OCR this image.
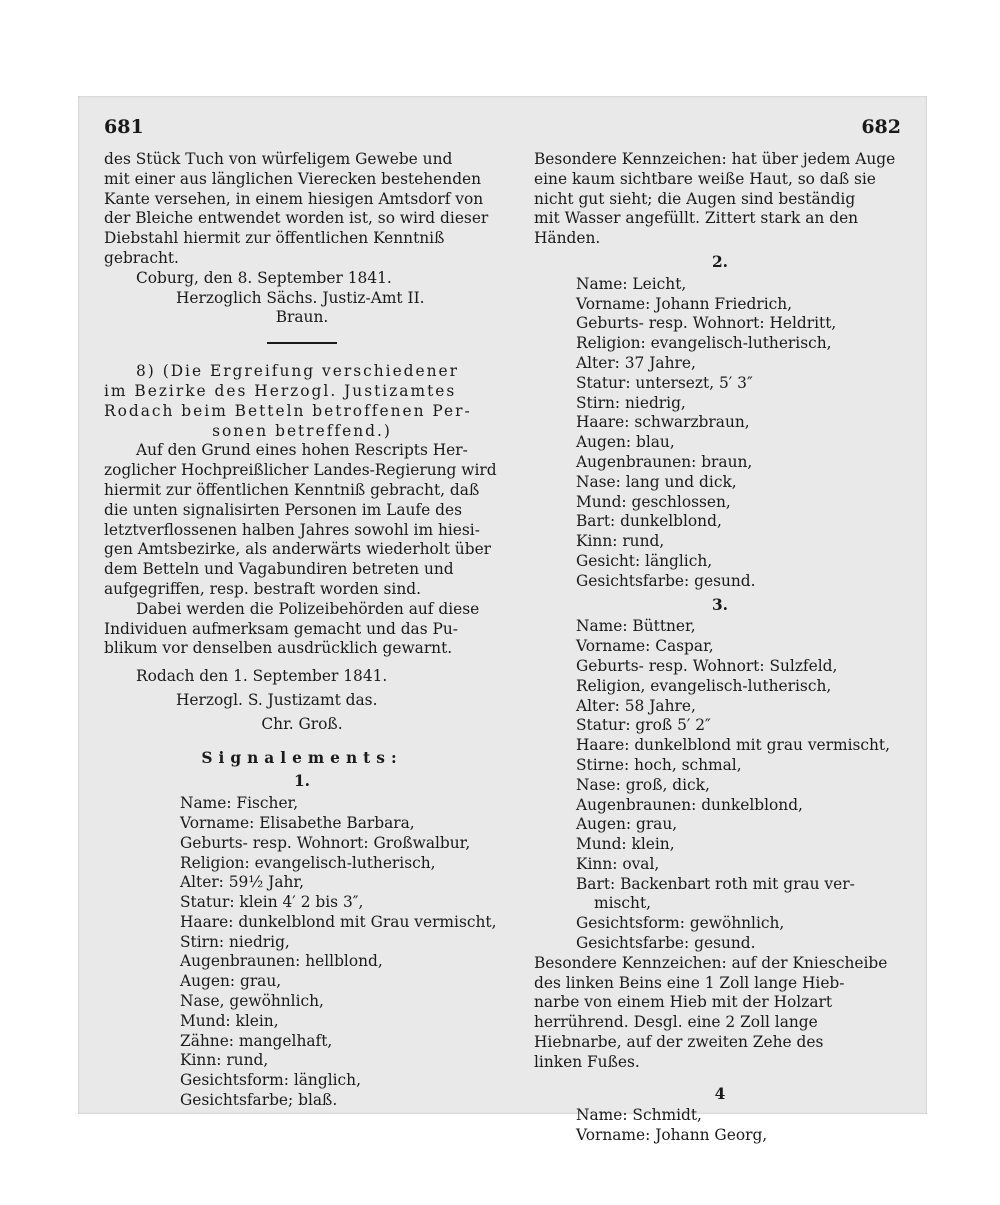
681	682

des Stück Tuch von würfeligem Gewebe und

mit einer aus länglichen Vierecken bestehenden

Kante versehen, in einem hiesigen Amtsdorf von

der Bleiche entwendet worden ist, so wird dieser

Diebstahl hiermit zur öffentlichen Kenntniß

gebracht.

Coburg, den 8. September 1841.

Herzoglich Sächs. Justiz-Amt II.

Braun.

8) (Die Ergreifung verschiedener

im Bezirke des Herzogl. Justizamtes

Rodach beim Betteln betroffenen Per-

sonen betreffend.)

Auf den Grund eines hohen Rescripts Her-

zoglicher Hochpreißlicher Landes-Regierung wird

hiermit zur öffentlichen Kenntniß gebracht, daß

die unten signalisirten Personen im Laufe des

letztverflossenen halben Jahres sowohl im hiesi-

gen Amtsbezirke, als anderwärts wiederholt über

dem Betteln und Vagabundiren betreten und

aufgegriffen, resp. bestraft worden sind.

Dabei werden die Polizeibehörden auf diese

Individuen aufmerksam gemacht und das Pu-

blikum vor denselben ausdrücklich gewarnt.

Rodach den 1. September 1841.

Herzogl. S. Justizamt das.

Chr. Groß.

Signalements:

1.

Name: Fischer,

Vorname: Elisabethe Barbara,

Geburts- resp. Wohnort: Großwalbur,

Religion: evangelisch-lutherisch,

Alter: 59½ Jahr,

Statur: klein 4′ 2 bis 3″,

Haare: dunkelblond mit Grau vermischt,

Stirn: niedrig,

Augenbraunen: hellblond,

Augen: grau,

Nase, gewöhnlich,

Mund: klein,

Zähne: mangelhaft,

Kinn: rund,

Gesichtsform: länglich,

Gesichtsfarbe; blaß.

Besondere Kennzeichen: hat über jedem Auge

eine kaum sichtbare weiße Haut, so daß sie

nicht gut sieht; die Augen sind beständig

mit Wasser angefüllt. Zittert stark an den

Händen.

2.

Name: Leicht,

Vorname: Johann Friedrich,

Geburts- resp. Wohnort: Heldritt,

Religion: evangelisch-lutherisch,

Alter: 37 Jahre,

Statur: untersezt, 5′ 3″

Stirn: niedrig,

Haare: schwarzbraun,

Augen: blau,

Augenbraunen: braun,

Nase: lang und dick,

Mund: geschlossen,

Bart: dunkelblond,

Kinn: rund,

Gesicht: länglich,

Gesichtsfarbe: gesund.

3.

Name: Büttner,

Vorname: Caspar,

Geburts- resp. Wohnort: Sulzfeld,

Religion, evangelisch-lutherisch,

Alter: 58 Jahre,

Statur: groß 5′ 2″

Haare: dunkelblond mit grau vermischt,

Stirne: hoch, schmal,

Nase: groß, dick,

Augenbraunen: dunkelblond,

Augen: grau,

Mund: klein,

Kinn: oval,

Bart: Backenbart roth mit grau ver-

mischt,

Gesichtsform: gewöhnlich,

Gesichtsfarbe: gesund.

Besondere Kennzeichen: auf der Kniescheibe

des linken Beins eine 1 Zoll lange Hieb-

narbe von einem Hieb mit der Holzart

herrührend. Desgl. eine 2 Zoll lange

Hiebnarbe, auf der zweiten Zehe des

linken Fußes.

4

Name: Schmidt,

Vorname: Johann Georg,
